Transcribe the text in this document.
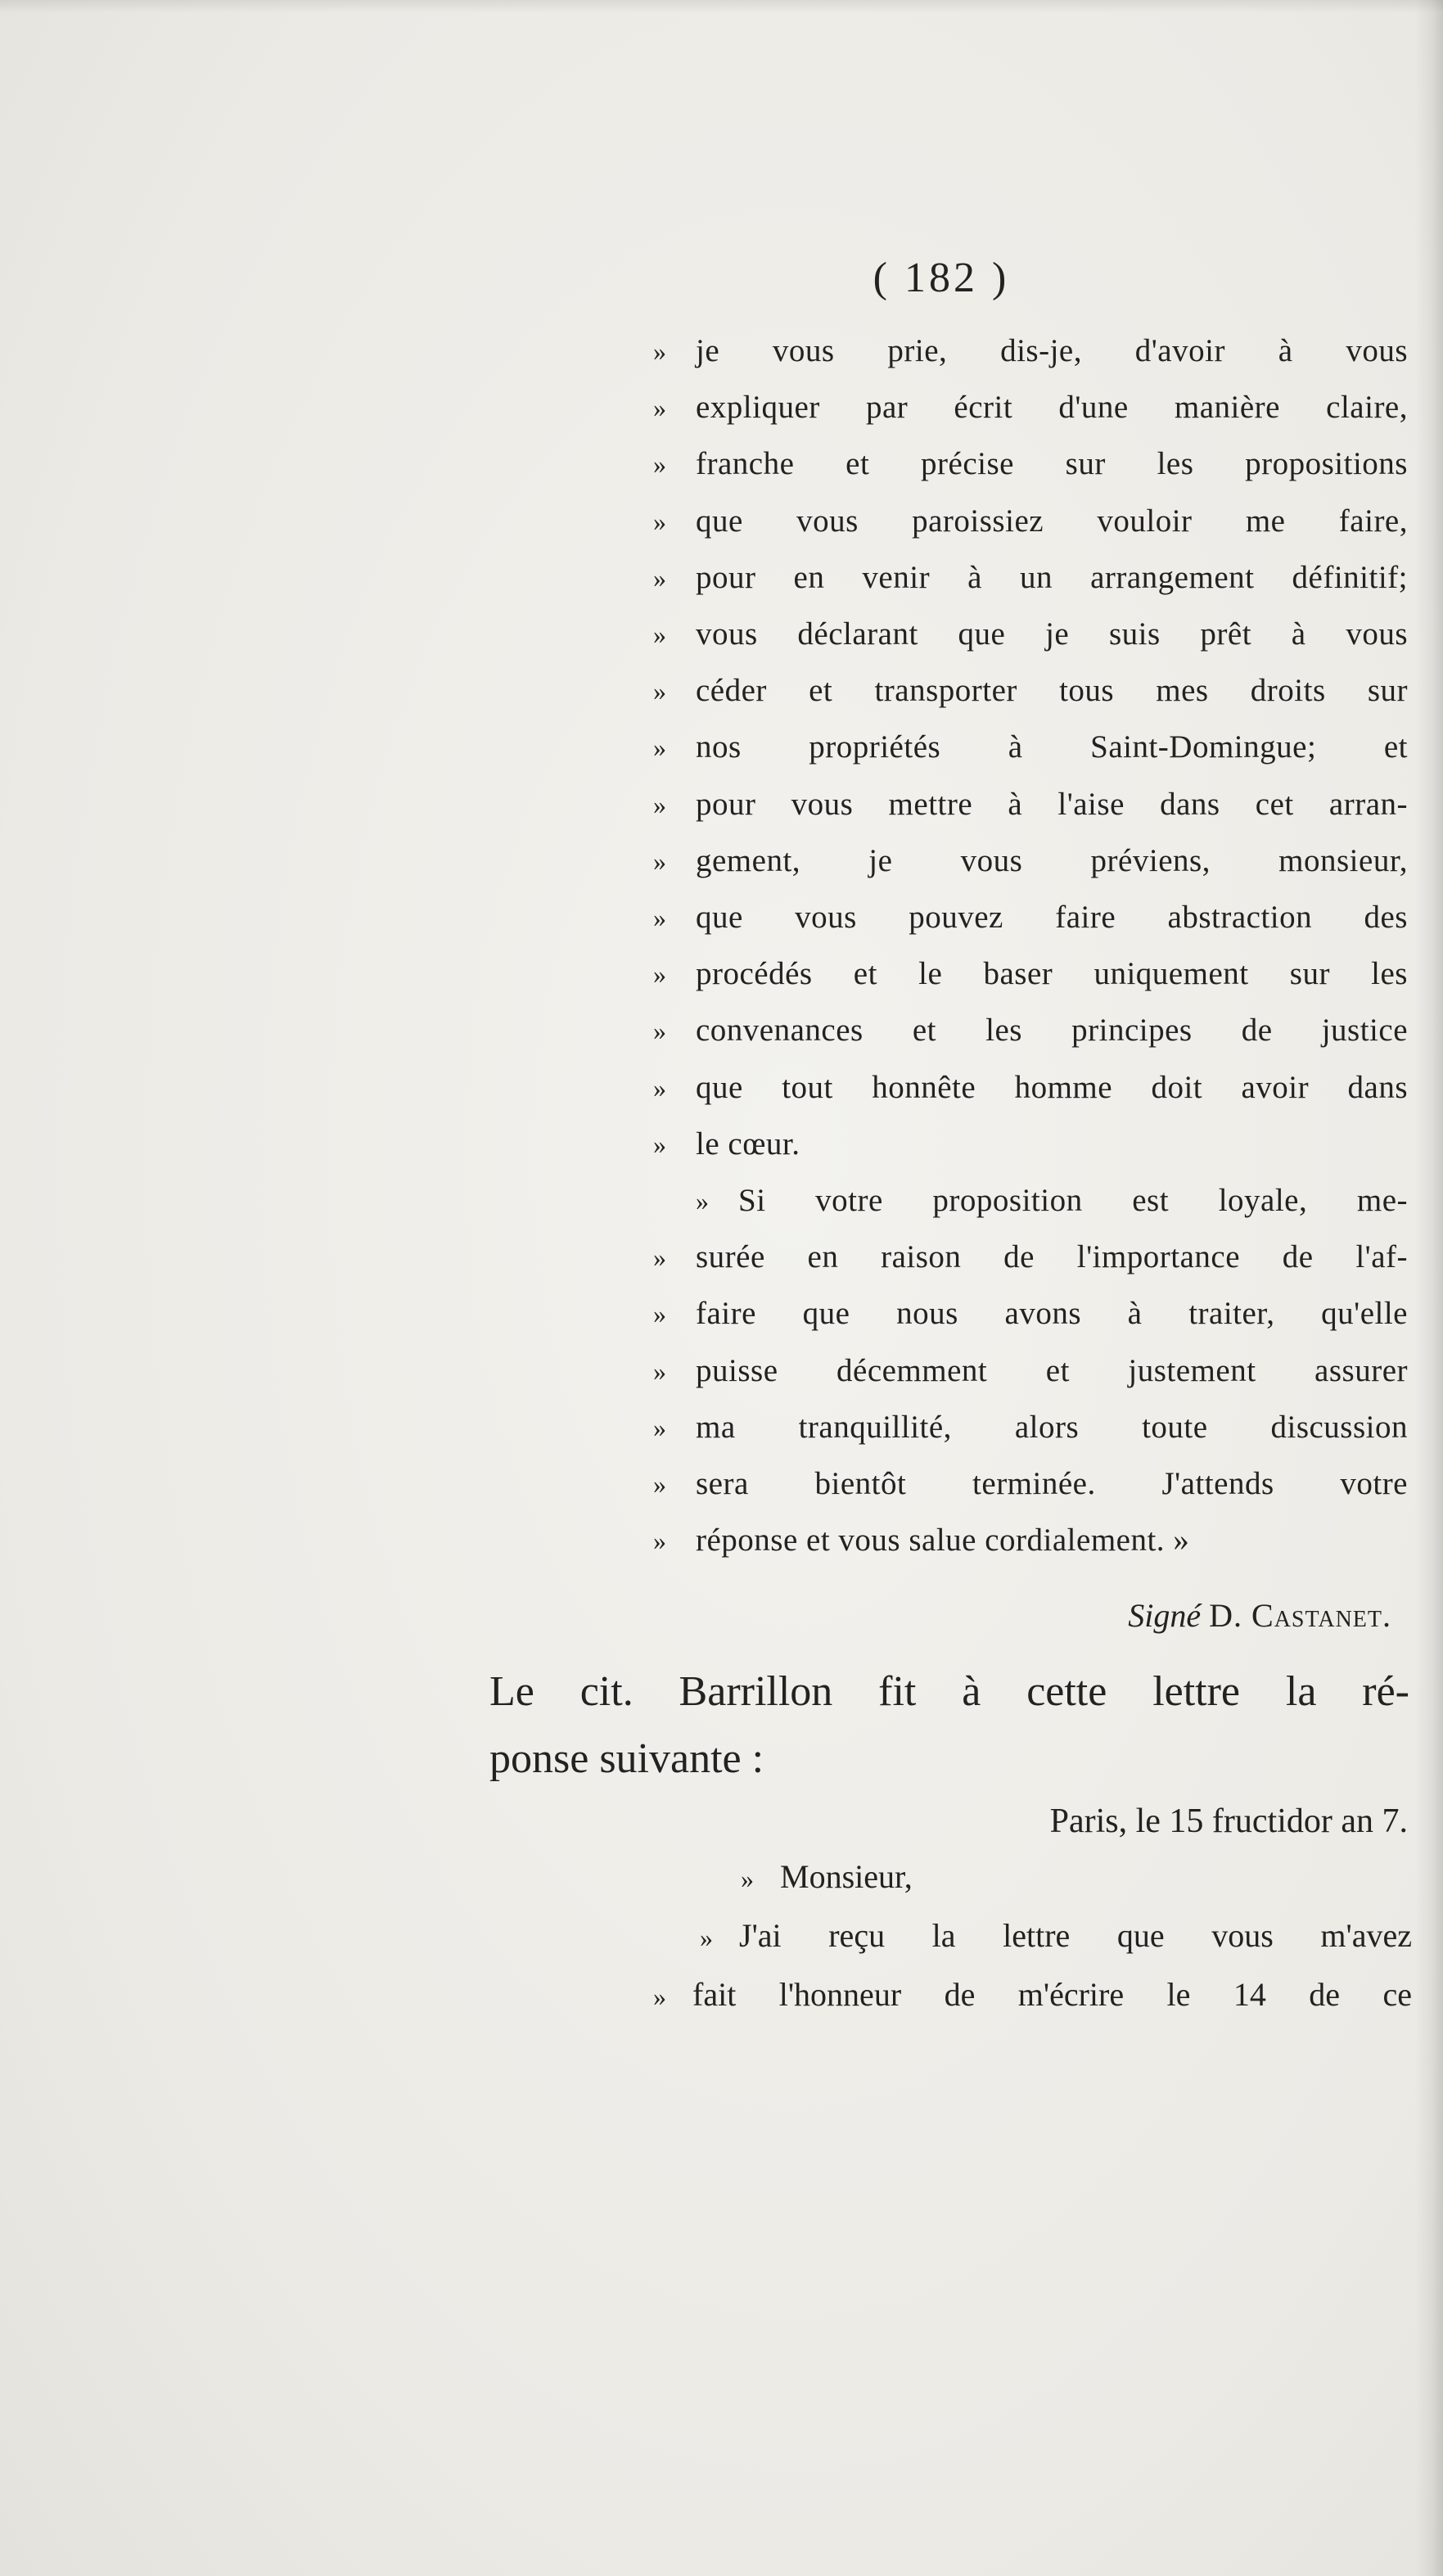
( 182 )
» je vous prie, dis-je, d'avoir à vous
» expliquer par écrit d'une manière claire,
» franche et précise sur les propositions
» que vous paroissiez vouloir me faire,
» pour en venir à un arrangement définitif;
» vous déclarant que je suis prêt à vous
» céder et transporter tous mes droits sur
» nos propriétés à Saint-Domingue; et
» pour vous mettre à l'aise dans cet arran-
» gement, je vous préviens, monsieur,
» que vous pouvez faire abstraction des
» procédés et le baser uniquement sur les
» convenances et les principes de justice
» que tout honnête homme doit avoir dans
» le cœur.
» Si votre proposition est loyale, me-
» surée en raison de l'importance de l'af-
» faire que nous avons à traiter, qu'elle
» puisse décemment et justement assurer
» ma tranquillité, alors toute discussion
» sera bientôt terminée. J'attends votre
» réponse et vous salue cordialement. »
Signé D. Castanet.
Le cit. Barrillon fit à cette lettre la ré-
ponse suivante :
Paris, le 15 fructidor an 7.
» Monsieur,
» J'ai reçu la lettre que vous m'avez
» fait l'honneur de m'écrire le 14 de ce
